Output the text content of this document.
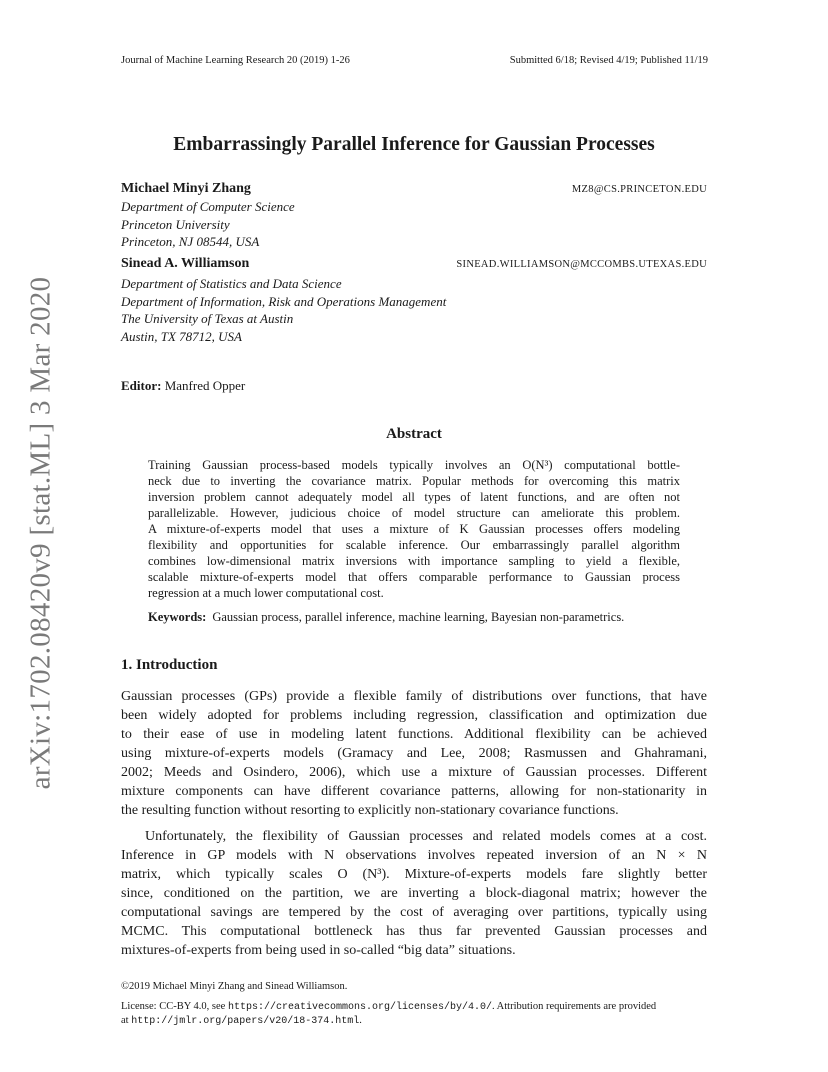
arXiv:1702.08420v9 [stat.ML] 3 Mar 2020
Journal of Machine Learning Research 20 (2019) 1-26	Submitted 6/18; Revised 4/19; Published 11/19
Embarrassingly Parallel Inference for Gaussian Processes
Michael Minyi Zhang	MZ8@CS.PRINCETON.EDU
Department of Computer Science
Princeton University
Princeton, NJ 08544, USA
Sinead A. Williamson	SINEAD.WILLIAMSON@MCCOMBS.UTEXAS.EDU
Department of Statistics and Data Science
Department of Information, Risk and Operations Management
The University of Texas at Austin
Austin, TX 78712, USA
Editor: Manfred Opper
Abstract
Training Gaussian process-based models typically involves an O(N³) computational bottle-
neck due to inverting the covariance matrix. Popular methods for overcoming this matrix
inversion problem cannot adequately model all types of latent functions, and are often not
parallelizable. However, judicious choice of model structure can ameliorate this problem.
A mixture-of-experts model that uses a mixture of K Gaussian processes offers modeling
flexibility and opportunities for scalable inference. Our embarrassingly parallel algorithm
combines low-dimensional matrix inversions with importance sampling to yield a flexible,
scalable mixture-of-experts model that offers comparable performance to Gaussian process
regression at a much lower computational cost.
Keywords: Gaussian process, parallel inference, machine learning, Bayesian non-parametrics.
1. Introduction
Gaussian processes (GPs) provide a flexible family of distributions over functions, that have
been widely adopted for problems including regression, classification and optimization due
to their ease of use in modeling latent functions. Additional flexibility can be achieved
using mixture-of-experts models (Gramacy and Lee, 2008; Rasmussen and Ghahramani,
2002; Meeds and Osindero, 2006), which use a mixture of Gaussian processes. Different
mixture components can have different covariance patterns, allowing for non-stationarity in
the resulting function without resorting to explicitly non-stationary covariance functions.
Unfortunately, the flexibility of Gaussian processes and related models comes at a cost.
Inference in GP models with N observations involves repeated inversion of an N × N
matrix, which typically scales O (N³). Mixture-of-experts models fare slightly better
since, conditioned on the partition, we are inverting a block-diagonal matrix; however the
computational savings are tempered by the cost of averaging over partitions, typically using
MCMC. This computational bottleneck has thus far prevented Gaussian processes and
mixtures-of-experts from being used in so-called “big data” situations.
©2019 Michael Minyi Zhang and Sinead Williamson.
License: CC-BY 4.0, see https://creativecommons.org/licenses/by/4.0/. Attribution requirements are provided
at http://jmlr.org/papers/v20/18-374.html.
